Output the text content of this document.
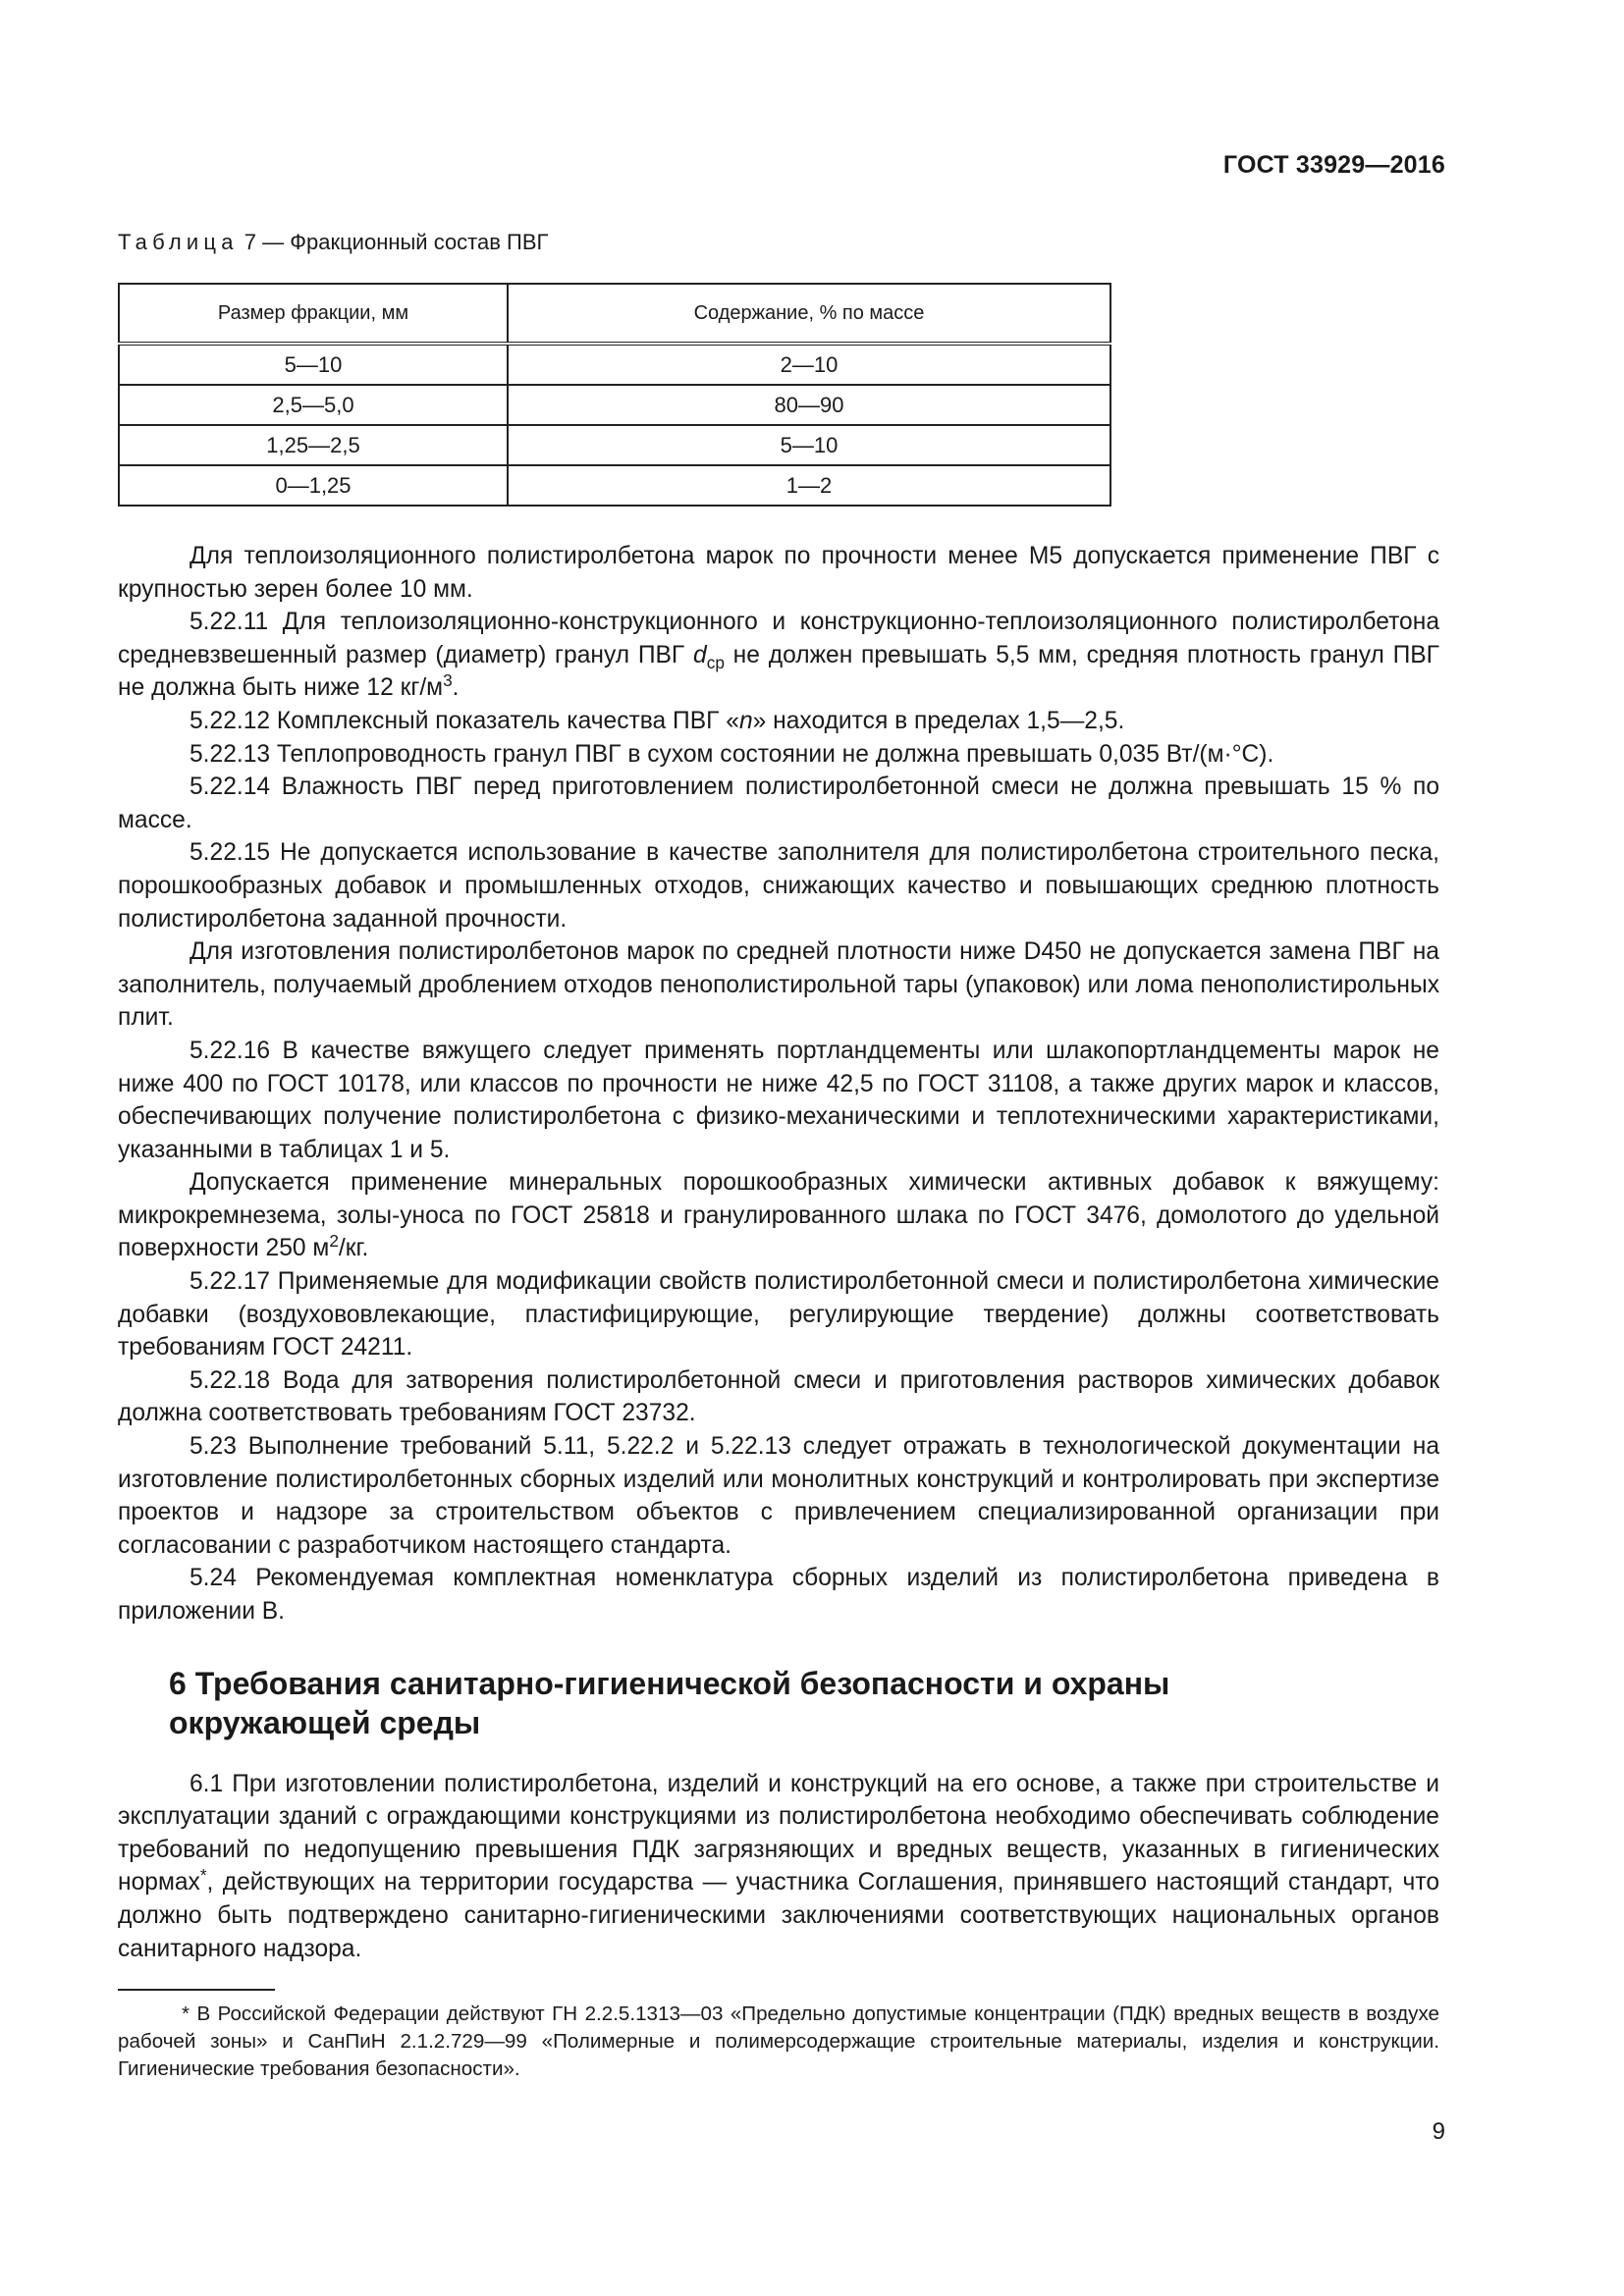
ГОСТ 33929—2016
Таблица 7 — Фракционный состав ПВГ
Размер фракции, мм	Содержание, % по массе
5—10	2—10
2,5—5,0	80—90
1,25—2,5	5—10
0—1,25	1—2

Для теплоизоляционного полистиролбетона марок по прочности менее М5 допускается применение ПВГ с крупностью зерен более 10 мм.

5.22.11 Для теплоизоляционно-конструкционного и конструкционно-теплоизоляционного полистиролбетона средневзвешенный размер (диаметр) гранул ПВГ $d_{ср}$ не должен превышать 5,5 мм, средняя плотность гранул ПВГ не должна быть ниже 12 $кг/м^3$.

5.22.12 Комплексный показатель качества ПВГ «n» находится в пределах 1,5—2,5.

5.22.13 Теплопроводность гранул ПВГ в сухом состоянии не должна превышать 0,035 Вт/(м·°С).

5.22.14 Влажность ПВГ перед приготовлением полистиролбетонной смеси не должна превышать 15 % по массе.

5.22.15 Не допускается использование в качестве заполнителя для полистиролбетона строительного песка, порошкообразных добавок и промышленных отходов, снижающих качество и повышающих среднюю плотность полистиролбетона заданной прочности.

Для изготовления полистиролбетонов марок по средней плотности ниже D450 не допускается замена ПВГ на заполнитель, получаемый дроблением отходов пенополистирольной тары (упаковок) или лома пенополистирольных плит.

5.22.16 В качестве вяжущего следует применять портландцементы или шлакопортландцементы марок не ниже 400 по ГОСТ 10178, или классов по прочности не ниже 42,5 по ГОСТ 31108, а также других марок и классов, обеспечивающих получение полистиролбетона с физико-механическими и теплотехническими характеристиками, указанными в таблицах 1 и 5.

Допускается применение минеральных порошкообразных химически активных добавок к вяжущему: микрокремнезема, золы-уноса по ГОСТ 25818 и гранулированного шлака по ГОСТ 3476, домолотого до удельной поверхности 250 $м^2/кг$.

5.22.17 Применяемые для модификации свойств полистиролбетонной смеси и полистиролбетона химические добавки (воздухововлекающие, пластифицирующие, регулирующие твердение) должны соответствовать требованиям ГОСТ 24211.

5.22.18 Вода для затворения полистиролбетонной смеси и приготовления растворов химических добавок должна соответствовать требованиям ГОСТ 23732.

5.23 Выполнение требований 5.11, 5.22.2 и 5.22.13 следует отражать в технологической документации на изготовление полистиролбетонных сборных изделий или монолитных конструкций и контролировать при экспертизе проектов и надзоре за строительством объектов с привлечением специализированной организации при согласовании с разработчиком настоящего стандарта.

5.24 Рекомендуемая комплектная номенклатура сборных изделий из полистиролбетона приведена в приложении В.

6 Требования санитарно-гигиенической безопасности и охраны
окружающей среды

6.1 При изготовлении полистиролбетона, изделий и конструкций на его основе, а также при строительстве и эксплуатации зданий с ограждающими конструкциями из полистиролбетона необходимо обеспечивать соблюдение требований по недопущению превышения ПДК загрязняющих и вредных веществ, указанных в гигиенических нормах*, действующих на территории государства — участника Соглашения, принявшего настоящий стандарт, что должно быть подтверждено санитарно-гигиеническими заключениями соответствующих национальных органов санитарного надзора.

* В Российской Федерации действуют ГН 2.2.5.1313—03 «Предельно допустимые концентрации (ПДК) вредных веществ в воздухе рабочей зоны» и СанПиН 2.1.2.729—99 «Полимерные и полимерсодержащие строительные материалы, изделия и конструкции. Гигиенические требования безопасности».

9
